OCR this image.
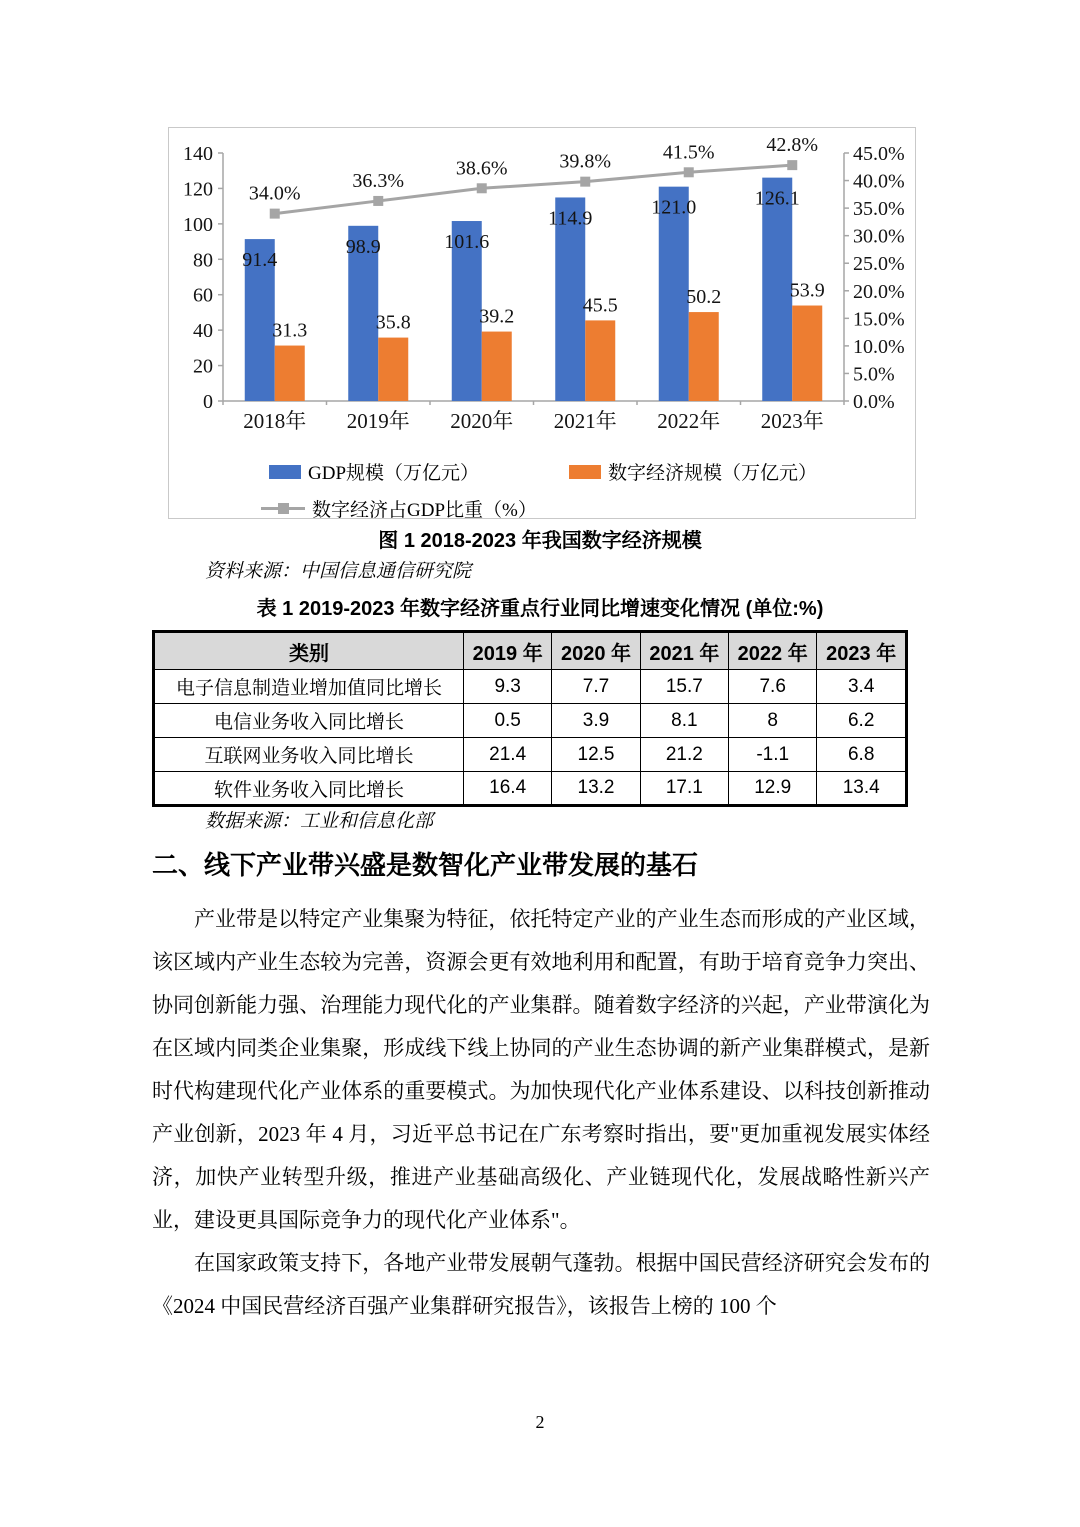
0
20
40
60
80
100
120
140
0.0%
5.0%
10.0%
15.0%
20.0%
25.0%
30.0%
35.0%
40.0%
45.0%
2018年 2019年 2020年 2021年 2022年 2023年
91.4
98.9	101.6
114.9	121.0	126.1
31.3	35.8	39.2
45.5	50.2	53.9
34.0%
36.3%
38.6%	39.8%	41.5%	42.8%
GDP规模（万亿元）	数字经济规模（万亿元）
数字经济占GDP比重（%）
图 1 2018-2023 年我国数字经济规模
资料来源：中国信息通信研究院
表 1 2019-2023 年数字经济重点行业同比增速变化情况 (单位:%)
类别	2019 年	2020 年	2021 年	2022 年	2023 年
电子信息制造业增加值同比增长	9.3	7.7	15.7	7.6	3.4
电信业务收入同比增长	0.5	3.9	8.1	8	6.2
互联网业务收入同比增长	21.4	12.5	21.2	-1.1	6.8
软件业务收入同比增长	16.4	13.2	17.1	12.9	13.4
数据来源：工业和信息化部
二、线下产业带兴盛是数智化产业带发展的基石

产业带是以特定产业集聚为特征，依托特定产业的产业生态而形成的产业区域，该区域内产业生态较为完善，资源会更有效地利用和配置，有助于培育竞争力突出、协同创新能力强、治理能力现代化的产业集群。随着数字经济的兴起，产业带演化为在区域内同类企业集聚，形成线下线上协同的产业生态协调的新产业集群模式，是新时代构建现代化产业体系的重要模式。为加快现代化产业体系建设、以科技创新推动产业创新，2023 年 4 月，习近平总书记在广东考察时指出，要"更加重视发展实体经济，加快产业转型升级，推进产业基础高级化、产业链现代化，发展战略性新兴产业，建设更具国际竞争力的现代化产业体系"。

在国家政策支持下，各地产业带发展朝气蓬勃。根据中国民营经济研究会发布的《2024 中国民营经济百强产业集群研究报告》，该报告上榜的 100 个

2
